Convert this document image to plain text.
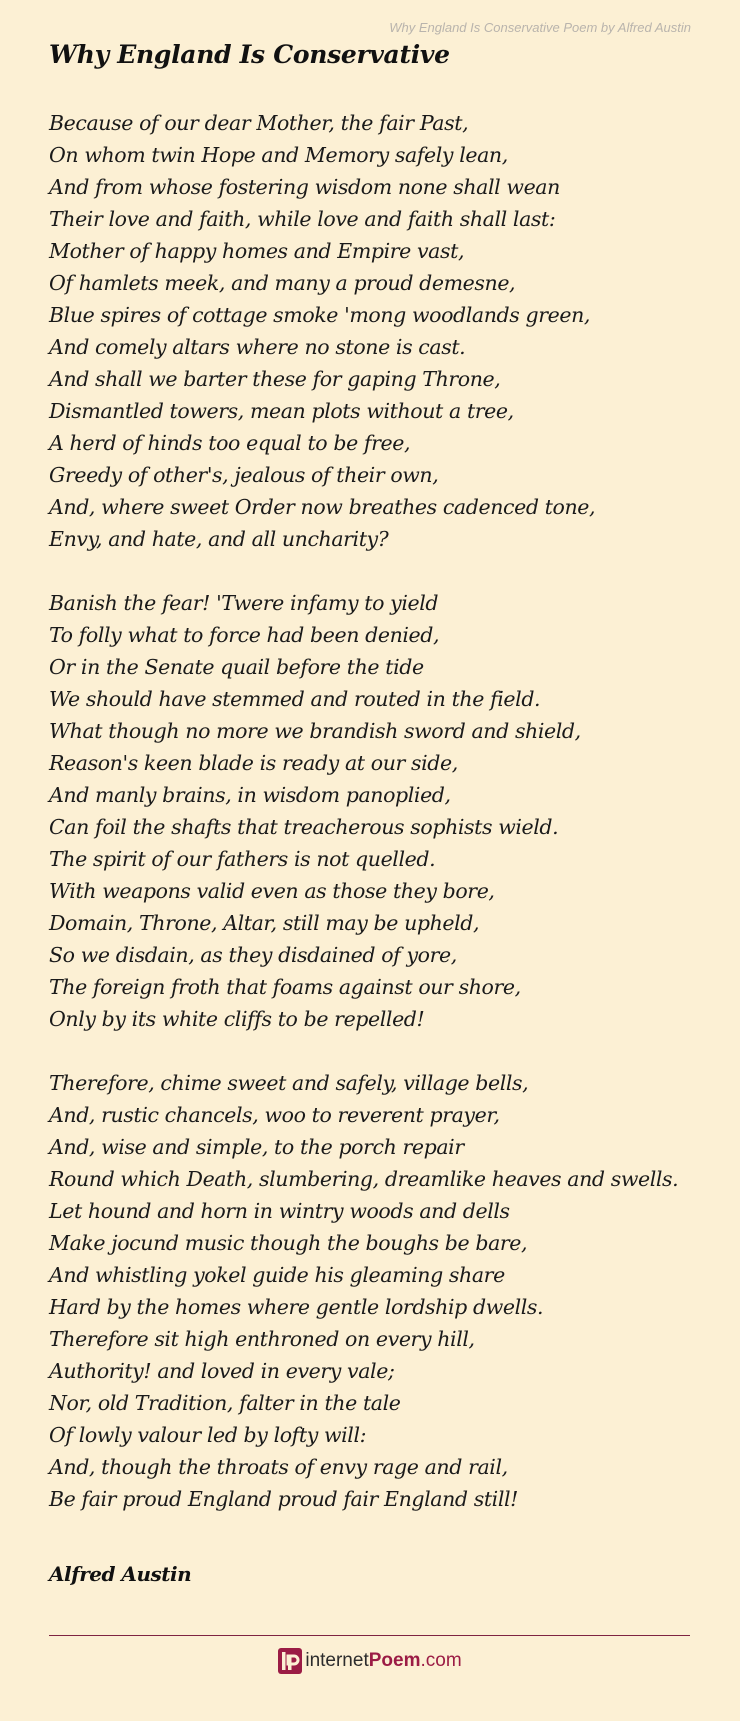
Why England Is Conservative Poem by Alfred Austin
Why England Is Conservative
Because of our dear Mother, the fair Past,
On whom twin Hope and Memory safely lean,
And from whose fostering wisdom none shall wean
Their love and faith, while love and faith shall last:
Mother of happy homes and Empire vast,
Of hamlets meek, and many a proud demesne,
Blue spires of cottage smoke 'mong woodlands green,
And comely altars where no stone is cast.
And shall we barter these for gaping Throne,
Dismantled towers, mean plots without a tree,
A herd of hinds too equal to be free,
Greedy of other's, jealous of their own,
And, where sweet Order now breathes cadenced tone,
Envy, and hate, and all uncharity?
Banish the fear! 'Twere infamy to yield
To folly what to force had been denied,
Or in the Senate quail before the tide
We should have stemmed and routed in the field.
What though no more we brandish sword and shield,
Reason's keen blade is ready at our side,
And manly brains, in wisdom panoplied,
Can foil the shafts that treacherous sophists wield.
The spirit of our fathers is not quelled.
With weapons valid even as those they bore,
Domain, Throne, Altar, still may be upheld,
So we disdain, as they disdained of yore,
The foreign froth that foams against our shore,
Only by its white cliffs to be repelled!
Therefore, chime sweet and safely, village bells,
And, rustic chancels, woo to reverent prayer,
And, wise and simple, to the porch repair
Round which Death, slumbering, dreamlike heaves and swells.
Let hound and horn in wintry woods and dells
Make jocund music though the boughs be bare,
And whistling yokel guide his gleaming share
Hard by the homes where gentle lordship dwells.
Therefore sit high enthroned on every hill,
Authority! and loved in every vale;
Nor, old Tradition, falter in the tale
Of lowly valour led by lofty will:
And, though the throats of envy rage and rail,
Be fair proud England proud fair England still!

Alfred Austin

internetPoem.com
